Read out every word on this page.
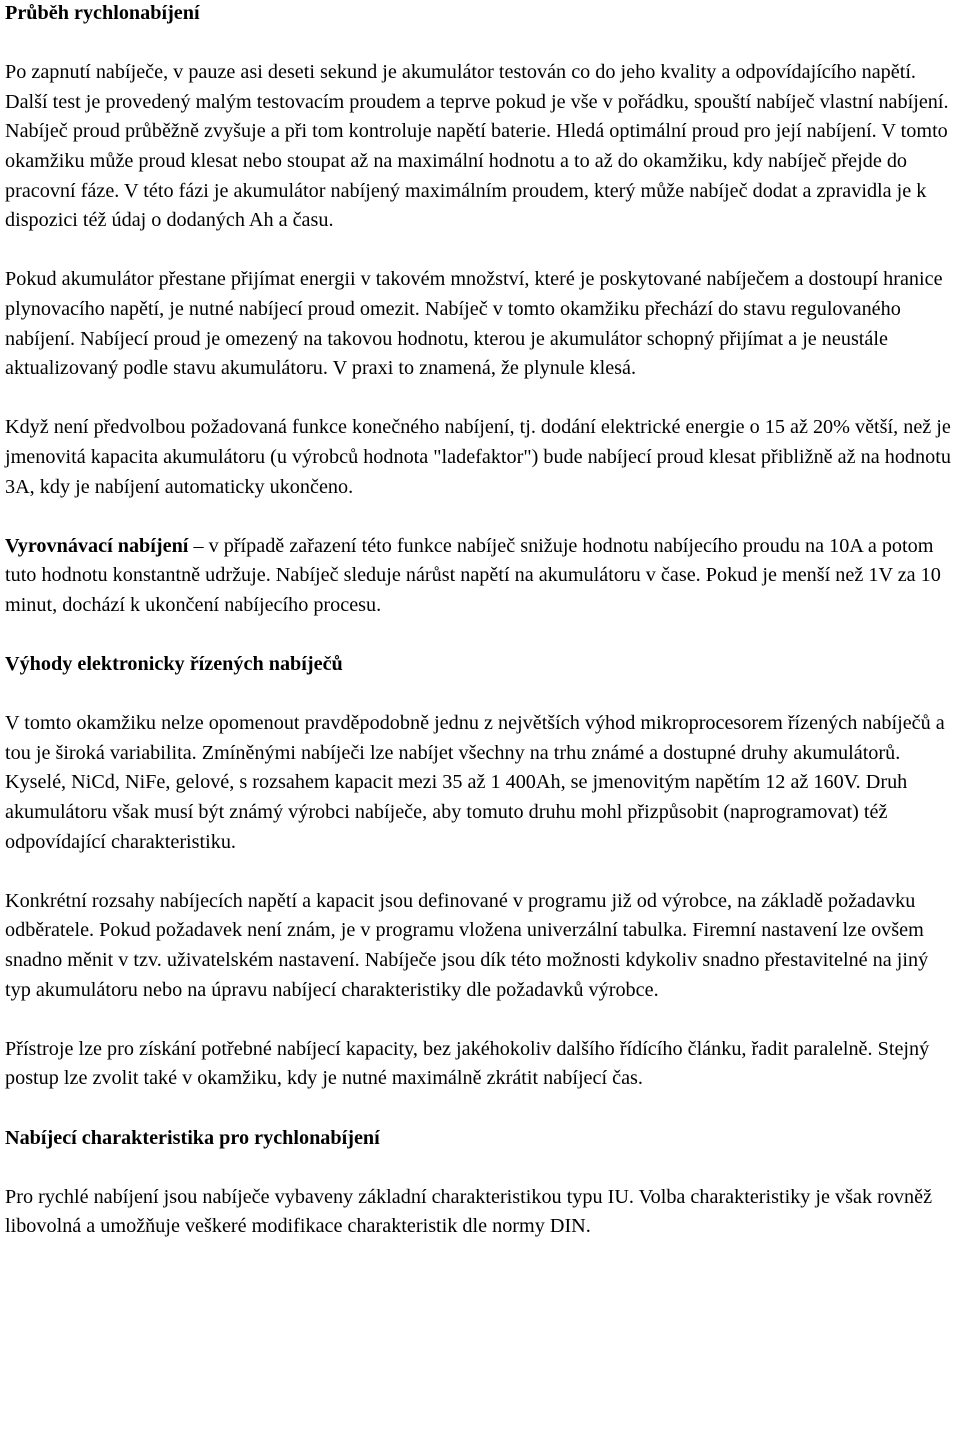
Průběh rychlonabíjení

Po zapnutí nabíječe, v pauze asi deseti sekund je akumulátor testován co do jeho kvality a odpovídajícího napětí. Další test je provedený malým testovacím proudem a teprve pokud je vše v pořádku, spouští nabíječ vlastní nabíjení. Nabíječ proud průběžně zvyšuje a při tom kontroluje napětí baterie. Hledá optimální proud pro její nabíjení. V tomto okamžiku může proud klesat nebo stoupat až na maximální hodnotu a to až do okamžiku, kdy nabíječ přejde do pracovní fáze. V této fázi je akumulátor nabíjený maximálním proudem, který může nabíječ dodat a zpravidla je k dispozici též údaj o dodaných Ah a času.

Pokud akumulátor přestane přijímat energii v takovém množství, které je poskytované nabíječem a dostoupí hranice plynovacího napětí, je nutné nabíjecí proud omezit. Nabíječ v tomto okamžiku přechází do stavu regulovaného nabíjení. Nabíjecí proud je omezený na takovou hodnotu, kterou je akumulátor schopný přijímat a je neustále aktualizovaný podle stavu akumulátoru. V praxi to znamená, že plynule klesá.

Když není předvolbou požadovaná funkce konečného nabíjení, tj. dodání elektrické energie o 15 až 20% větší, než je jmenovitá kapacita akumulátoru (u výrobců hodnota "ladefaktor") bude nabíjecí proud klesat přibližně až na hodnotu 3A, kdy je nabíjení automaticky ukončeno.

Vyrovnávací nabíjení – v případě zařazení této funkce nabíječ snižuje hodnotu nabíjecího proudu na 10A a potom tuto hodnotu konstantně udržuje. Nabíječ sleduje nárůst napětí na akumulátoru v čase. Pokud je menší než 1V za 10 minut, dochází k ukončení nabíjecího procesu.

Výhody elektronicky řízených nabíječů

V tomto okamžiku nelze opomenout pravděpodobně jednu z největších výhod mikroprocesorem řízených nabíječů a tou je široká variabilita. Zmíněnými nabíječi lze nabíjet všechny na trhu známé a dostupné druhy akumulátorů. Kyselé, NiCd, NiFe, gelové, s rozsahem kapacit mezi 35 až 1 400Ah, se jmenovitým napětím 12 až 160V. Druh akumulátoru však musí být známý výrobci nabíječe, aby tomuto druhu mohl přizpůsobit (naprogramovat) též odpovídající charakteristiku.

Konkrétní rozsahy nabíjecích napětí a kapacit jsou definované v programu již od výrobce, na základě požadavku odběratele. Pokud požadavek není znám, je v programu vložena univerzální tabulka. Firemní nastavení lze ovšem snadno měnit v tzv. uživatelském nastavení. Nabíječe jsou dík této možnosti kdykoliv snadno přestavitelné na jiný typ akumulátoru nebo na úpravu nabíjecí charakteristiky dle požadavků výrobce.

Přístroje lze pro získání potřebné nabíjecí kapacity, bez jakéhokoliv dalšího řídícího článku, řadit paralelně. Stejný postup lze zvolit také v okamžiku, kdy je nutné maximálně zkrátit nabíjecí čas.

Nabíjecí charakteristika pro rychlonabíjení

Pro rychlé nabíjení jsou nabíječe vybaveny základní charakteristikou typu IU. Volba charakteristiky je však rovněž libovolná a umožňuje veškeré modifikace charakteristik dle normy DIN.
